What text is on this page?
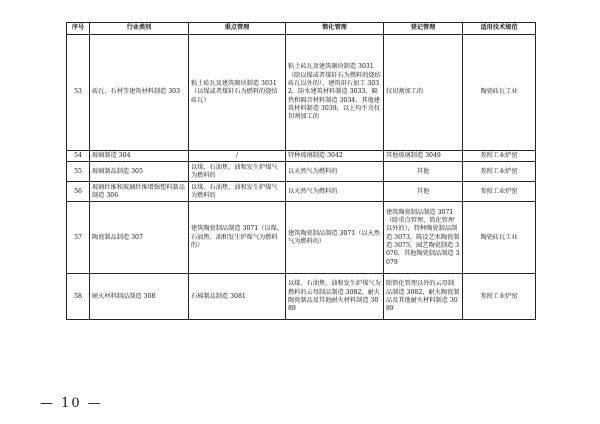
序号	行业类别	重点管理	简化管理	登记管理	适用技术规范
53	砖瓦、石材等建筑材料制造 303	粘土砖瓦及建筑砌块制造 3031（以煤或者煤矸石为燃料的烧结砖瓦）	粘土砖瓦及建筑砌块制造 3031（除以煤或者煤矸石为燃料的烧结砖瓦以外的），建筑用石加工 3032，防水建筑材料制造 3033，隔热和隔音材料制造 3034，其他建筑材料制造 3039，以上均不含仅切割加工的	仅切割加工的	陶瓷砖瓦工业
54	玻璃制造 304	/	特种玻璃制造 3042	其他玻璃制造 3049	参照工业炉窑
55	玻璃制品制造 305	以煤、石油焦、油和发生炉煤气为燃料的	以天然气为燃料的	其他	参照工业炉窑
56	玻璃纤维和玻璃纤维增强塑料制品制造 306	以煤、石油焦、油和发生炉煤气为燃料的	以天然气为燃料的	其他	参照工业炉窑
57	陶瓷制品制造 307	建筑陶瓷制品制造 3071（以煤、石油焦、油和发生炉煤气为燃料的）	建筑陶瓷制品制造 3071（以天然气为燃料的）	建筑陶瓷制品制造 3071（除重点管理、简化管理以外的），特种陶瓷制品制造 3073，陈设艺术陶瓷制造 3075，园艺陶瓷制造 3076，其他陶瓷制品制造 3079	陶瓷砖瓦工业
58	耐火材料制品制造 308	石棉制品制造 3081	以煤、石油焦、油和发生炉煤气为燃料的云母制品制造 3082、耐火陶瓷制品及其他耐火材料制造 3089	除简化管理以外的云母制品制造 3082、耐火陶瓷制品及其他耐火材料制造 3089	参照工业炉窑
— 10 —
